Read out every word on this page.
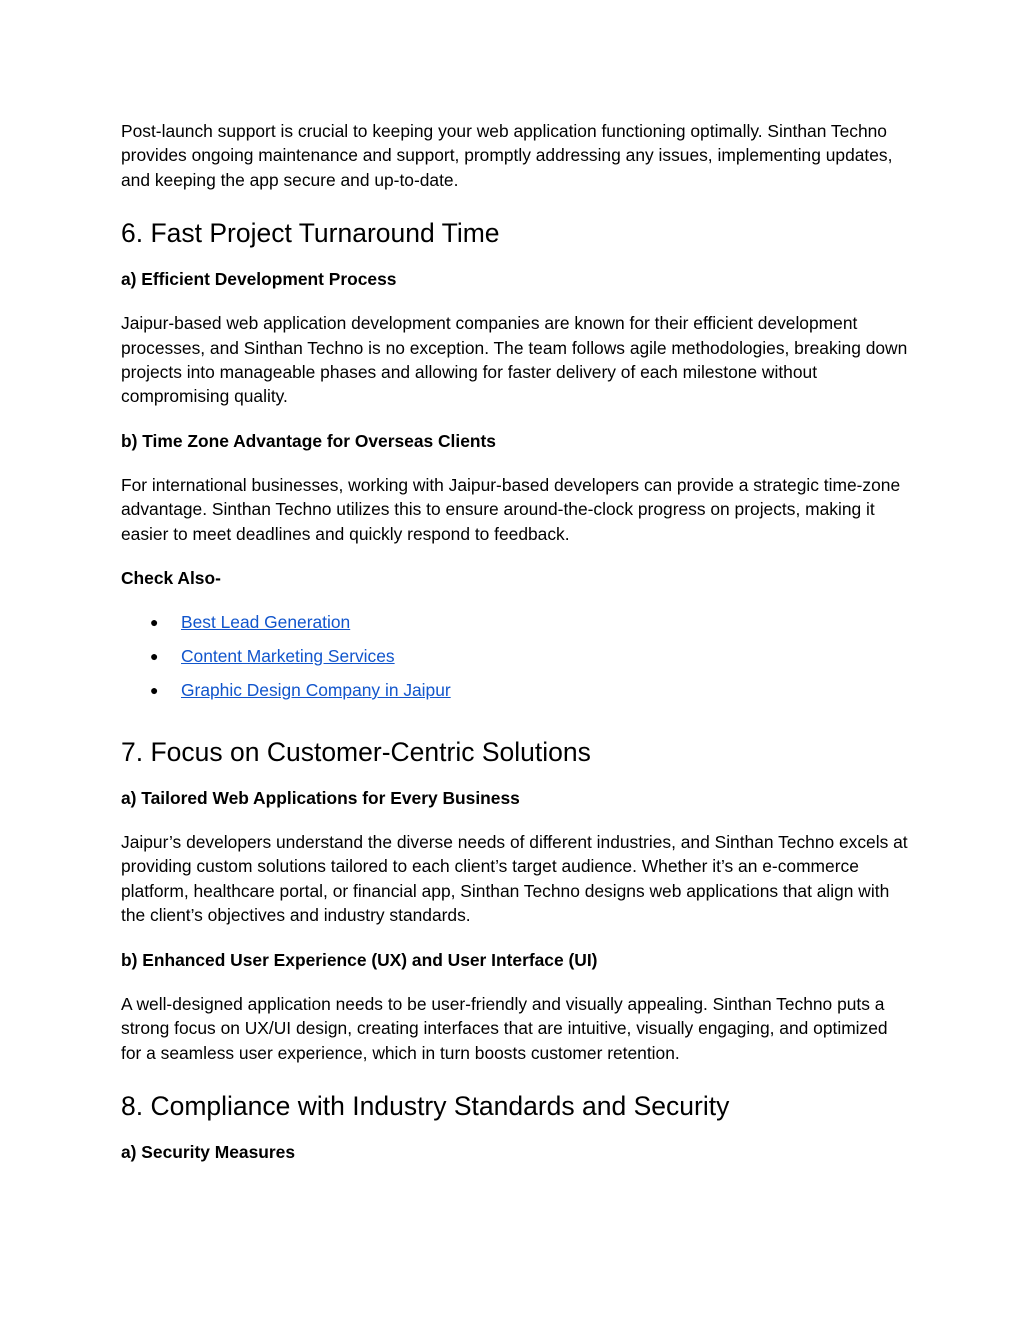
Post-launch support is crucial to keeping your web application functioning optimally. Sinthan Techno provides ongoing maintenance and support, promptly addressing any issues, implementing updates, and keeping the app secure and up-to-date.

6. Fast Project Turnaround Time
a) Efficient Development Process

Jaipur-based web application development companies are known for their efficient development processes, and Sinthan Techno is no exception. The team follows agile methodologies, breaking down projects into manageable phases and allowing for faster delivery of each milestone without compromising quality.

b) Time Zone Advantage for Overseas Clients

For international businesses, working with Jaipur-based developers can provide a strategic time-zone advantage. Sinthan Techno utilizes this to ensure around-the-clock progress on projects, making it easier to meet deadlines and quickly respond to feedback.

Check Also-
● Best Lead Generation
● Content Marketing Services
● Graphic Design Company in Jaipur
7. Focus on Customer-Centric Solutions
a) Tailored Web Applications for Every Business

Jaipur’s developers understand the diverse needs of different industries, and Sinthan Techno excels at providing custom solutions tailored to each client’s target audience. Whether it’s an e-commerce platform, healthcare portal, or financial app, Sinthan Techno designs web applications that align with the client’s objectives and industry standards.

b) Enhanced User Experience (UX) and User Interface (UI)

A well-designed application needs to be user-friendly and visually appealing. Sinthan Techno puts a strong focus on UX/UI design, creating interfaces that are intuitive, visually engaging, and optimized for a seamless user experience, which in turn boosts customer retention.

8. Compliance with Industry Standards and Security
a) Security Measures
